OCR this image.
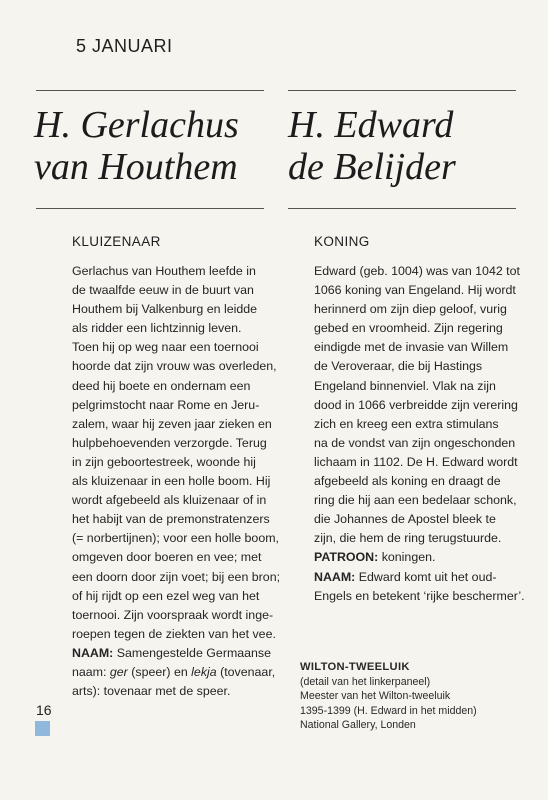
5 JANUARI
H. Gerlachus
van Houthem
H. Edward
de Belijder
KLUIZENAAR	KONING
Gerlachus van Houthem leefde in
de twaalfde eeuw in de buurt van
Houthem bij Valkenburg en leidde
als ridder een lichtzinnig leven.
Toen hij op weg naar een toernooi
hoorde dat zijn vrouw was overleden,
deed hij boete en ondernam een
pelgrimstocht naar Rome en Jeru-
zalem, waar hij zeven jaar zieken en
hulpbehoevenden verzorgde. Terug
in zijn geboortestreek, woonde hij
als kluizenaar in een holle boom. Hij
wordt afgebeeld als kluizenaar of in
het habijt van de premonstratenzers
(= norbertijnen); voor een holle boom,
omgeven door boeren en vee; met
een doorn door zijn voet; bij een bron;
of hij rijdt op een ezel weg van het
toernooi. Zijn voorspraak wordt inge-
roepen tegen de ziekten van het vee.
NAAM: Samengestelde Germaanse
naam: ger (speer) en lekja (tovenaar,
arts): tovenaar met de speer.
Edward (geb. 1004) was van 1042 tot
1066 koning van Engeland. Hij wordt
herinnerd om zijn diep geloof, vurig
gebed en vroomheid. Zijn regering
eindigde met de invasie van Willem
de Veroveraar, die bij Hastings
Engeland binnenviel. Vlak na zijn
dood in 1066 verbreidde zijn verering
zich en kreeg een extra stimulans
na de vondst van zijn ongeschonden
lichaam in 1102. De H. Edward wordt
afgebeeld als koning en draagt de
ring die hij aan een bedelaar schonk,
die Johannes de Apostel bleek te
zijn, die hem de ring terugstuurde.
PATROON: koningen.
NAAM: Edward komt uit het oud-
Engels en betekent ‘rijke beschermer’.
WILTON-TWEELUIK
(detail van het linkerpaneel)
Meester van het Wilton-tweeluik
1395-1399 (H. Edward in het midden)
National Gallery, Londen
16
